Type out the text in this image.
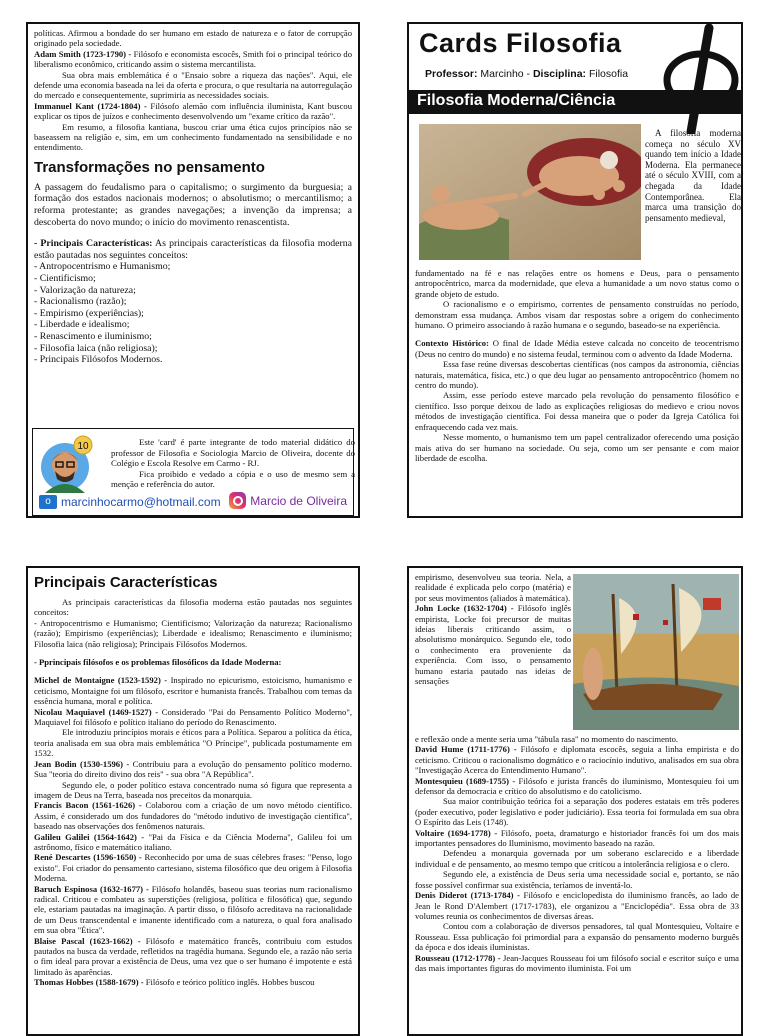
políticas. Afirmou a bondade do ser humano em estado de natureza e o fator de corrupção originado pela sociedade.

Adam Smith (1723-1790) - Filósofo e economista escocês, Smith foi o principal teórico do liberalismo econômico, criticando assim o sistema mercantilista.

Sua obra mais emblemática é o "Ensaio sobre a riqueza das nações". Aqui, ele defende uma economia baseada na lei da oferta e procura, o que resultaria na autorregulação do mercado e consequentemente, suprimiria as necessidades sociais.

Immanuel Kant (1724-1804) - Filósofo alemão com influência iluminista, Kant buscou explicar os tipos de juízos e conhecimento desenvolvendo um "exame crítico da razão".

Em resumo, a filosofia kantiana, buscou criar uma ética cujos princípios não se baseassem na religião e, sim, em um conhecimento fundamentado na sensibilidade e no entendimento.

Transformações no pensamento

A passagem do feudalismo para o capitalismo; o surgimento da burguesia; a formação dos estados nacionais modernos; o absolutismo; o mercantilismo; a reforma protestante; as grandes navegações; a invenção da imprensa; a descoberta do novo mundo; o início do movimento renascentista.

- Principais Características: As principais características da filosofia moderna estão pautadas nos seguintes conceitos:

- Antropocentrismo e Humanismo;

- Cientificismo;

- Valorização da natureza;

- Racionalismo (razão);

- Empirismo (experiências);

- Liberdade e idealismo;

- Renascimento e iluminismo;

- Filosofia laica (não religiosa);

- Principais Filósofos Modernos.

10	Este 'card' é parte integrante de todo material didático do professor de Filosofia e Sociologia Marcio de Oliveira, docente do Colégio e Escola Resolve em Carmo - RJ.
Fica proibido e vedado a cópia e o uso de mesmo sem a menção e referência do autor.
o marcinhocarmo@hotmail.com Marcio de Oliveira
Cards Filosofia
Professor: Marcinho - Disciplina: Filosofia
Filosofia Moderna/Ciência
A filosofia moderna começa no século XV quando tem início a Idade Moderna. Ela permanece até o século XVIII, com a chegada da Idade Contemporânea. Ela marca uma transição do pensamento medieval,

fundamentado na fé e nas relações entre os homens e Deus, para o pensamento antropocêntrico, marca da modernidade, que eleva a humanidade a um novo status como o grande objeto de estudo.

O racionalismo e o empirismo, correntes de pensamento construídas no período, demonstram essa mudança. Ambos visam dar respostas sobre a origem do conhecimento humano. O primeiro associando à razão humana e o segundo, baseado-se na experiência.

Contexto Histórico: O final de Idade Média esteve calcada no conceito de teocentrismo (Deus no centro do mundo) e no sistema feudal, terminou com o advento da Idade Moderna.

Essa fase reúne diversas descobertas científicas (nos campos da astronomia, ciências naturais, matemática, física, etc.) o que deu lugar ao pensamento antropocêntrico (homem no centro do mundo).

Assim, esse período esteve marcado pela revolução do pensamento filosófico e científico. Isso porque deixou de lado as explicações religiosas do medievo e criou novos métodos de investigação científica. Foi dessa maneira que o poder da Igreja Católica foi enfraquecendo cada vez mais.

Nesse momento, o humanismo tem um papel centralizador oferecendo uma posição mais ativa do ser humano na sociedade. Ou seja, como um ser pensante e com maior liberdade de escolha.

Principais Características

As principais características da filosofia moderna estão pautadas nos seguintes conceitos:

- Antropocentrismo e Humanismo; Cientificismo; Valorização da natureza; Racionalismo (razão); Empirismo (experiências); Liberdade e idealismo; Renascimento e iluminismo; Filosofia laica (não religiosa); Principais Filósofos Modernos.

- Pprincipais filósofos e os problemas filosóficos da Idade Moderna:

Michel de Montaigne (1523-1592) - Inspirado no epicurismo, estoicismo, humanismo e ceticismo, Montaigne foi um filósofo, escritor e humanista francês. Trabalhou com temas da essência humana, moral e política.

Nicolau Maquiavel (1469-1527) - Considerado "Pai do Pensamento Político Moderno", Maquiavel foi filósofo e político italiano do período do Renascimento.

Ele introduziu princípios morais e éticos para a Política. Separou a política da ética, teoria analisada em sua obra mais emblemática "O Príncipe", publicada postumamente em 1532.

Jean Bodin (1530-1596) - Contribuiu para a evolução do pensamento político moderno. Sua "teoria do direito divino dos reis" - sua obra "A República".

Segundo ele, o poder político estava concentrado numa só figura que representa a imagem de Deus na Terra, baseada nos preceitos da monarquia.

Francis Bacon (1561-1626) - Colaborou com a criação de um novo método científico. Assim, é considerado um dos fundadores do "método indutivo de investigação científica", baseado nas observações dos fenômenos naturais.

Galileu Galilei (1564-1642) - "Pai da Física e da Ciência Moderna", Galileu foi um astrônomo, físico e matemático italiano.

René Descartes (1596-1650) - Reconhecido por uma de suas célebres frases: "Penso, logo existo". Foi criador do pensamento cartesiano, sistema filosófico que deu origem à Filosofia Moderna.

Baruch Espinosa (1632-1677) - Filósofo holandês, baseou suas teorias num racionalismo radical. Criticou e combateu as superstições (religiosa, política e filosófica) que, segundo ele, estariam pautadas na imaginação. A partir disso, o filósofo acreditava na racionalidade de um Deus transcendental e imanente identificado com a natureza, o qual fora analisado em sua obra "Ética".

Blaise Pascal (1623-1662) - Filósofo e matemático francês, contribuiu com estudos pautados na busca da verdade, refletidos na tragédia humana. Segundo ele, a razão não seria o fim ideal para provar a existência de Deus, uma vez que o ser humano é impotente e está limitado às aparências.

Thomas Hobbes (1588-1679) - Filósofo e teórico político inglês. Hobbes buscou

empirismo, desenvolveu sua teoria. Nela, a realidade é explicada pelo corpo (matéria) e por seus movimentos (aliados à matemática).

John Locke (1632-1704) - Filósofo inglês empirista, Locke foi precursor de muitas ideias liberais criticando assim, o absolutismo monárquico. Segundo ele, todo o conhecimento era proveniente da experiência. Com isso, o pensamento humano estaria pautado nas ideias de sensações

e reflexão onde a mente seria uma "tábula rasa" no momento do nascimento.

David Hume (1711-1776) - Filósofo e diplomata escocês, seguia a linha empirista e do ceticismo. Criticou o racionalismo dogmático e o raciocínio indutivo, analisados em sua obra "Investigação Acerca do Entendimento Humano".

Montesquieu (1689-1755) - Filósofo e jurista francês do iluminismo, Montesquieu foi um defensor da democracia e crítico do absolutismo e do catolicismo.

Sua maior contribuição teórica foi a separação dos poderes estatais em três poderes (poder executivo, poder legislativo e poder judiciário). Essa teoria foi formulada em sua obra O Espírito das Leis (1748).

Voltaire (1694-1778) - Filósofo, poeta, dramaturgo e historiador francês foi um dos mais importantes pensadores do Iluminismo, movimento baseado na razão.

Defendeu a monarquia governada por um soberano esclarecido e a liberdade individual e de pensamento, ao mesmo tempo que criticou a intolerância religiosa e o clero.

Segundo ele, a existência de Deus seria uma necessidade social e, portanto, se não fosse possível confirmar sua existência, teríamos de inventá-lo.

Denis Diderot (1713-1784) - Filósofo e enciclopedista do iluminismo francês, ao lado de Jean le Rond D'Alembert (1717-1783), ele organizou a "Enciclopédia". Essa obra de 33 volumes reunia os conhecimentos de diversas áreas.

Contou com a colaboração de diversos pensadores, tal qual Montesquieu, Voltaire e Rousseau. Essa publicação foi primordial para a expansão do pensamento moderno burguês da época e dos ideais iluministas.

Rousseau (1712-1778) - Jean-Jacques Rousseau foi um filósofo social e escritor suíço e uma das mais importantes figuras do movimento iluminista. Foi um
